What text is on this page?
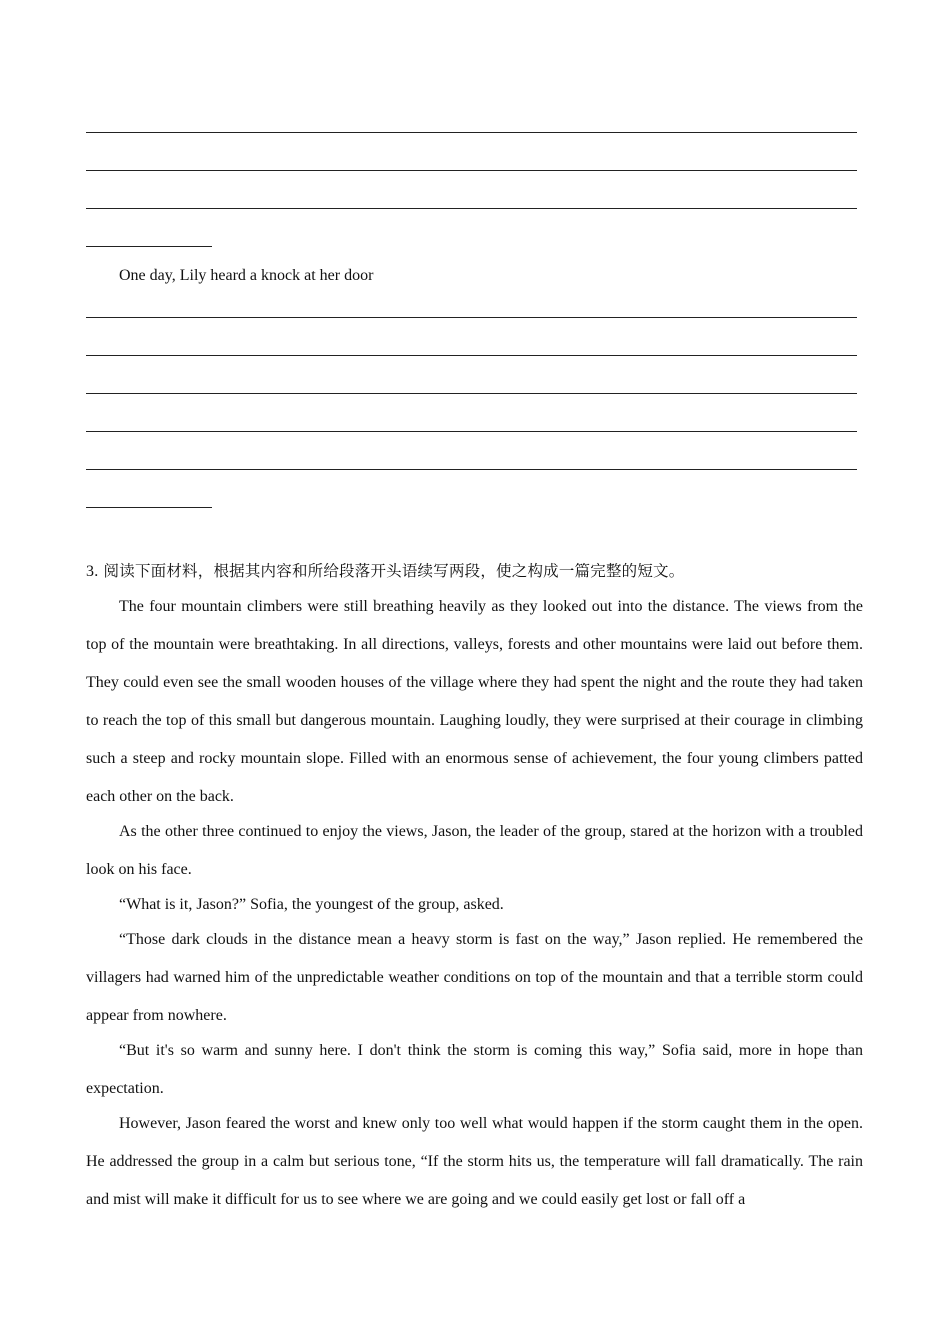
One day, Lily heard a knock at her door
3. 阅读下面材料，根据其内容和所给段落开头语续写两段，使之构成一篇完整的短文。

The four mountain climbers were still breathing heavily as they looked out into the distance. The views from the top of the mountain were breathtaking. In all directions, valleys, forests and other mountains were laid out before them. They could even see the small wooden houses of the village where they had spent the night and the route they had taken to reach the top of this small but dangerous mountain. Laughing loudly, they were surprised at their courage in climbing such a steep and rocky mountain slope. Filled with an enormous sense of achievement, the four young climbers patted each other on the back.

As the other three continued to enjoy the views, Jason, the leader of the group, stared at the horizon with a troubled look on his face.

“What is it, Jason?” Sofia, the youngest of the group, asked.

“Those dark clouds in the distance mean a heavy storm is fast on the way,” Jason replied. He remembered the villagers had warned him of the unpredictable weather conditions on top of the mountain and that a terrible storm could appear from nowhere.

“But it's so warm and sunny here. I don't think the storm is coming this way,” Sofia said, more in hope than expectation.

However, Jason feared the worst and knew only too well what would happen if the storm caught them in the open. He addressed the group in a calm but serious tone, “If the storm hits us, the temperature will fall dramatically. The rain and mist will make it difficult for us to see where we are going and we could easily get lost or fall off a
